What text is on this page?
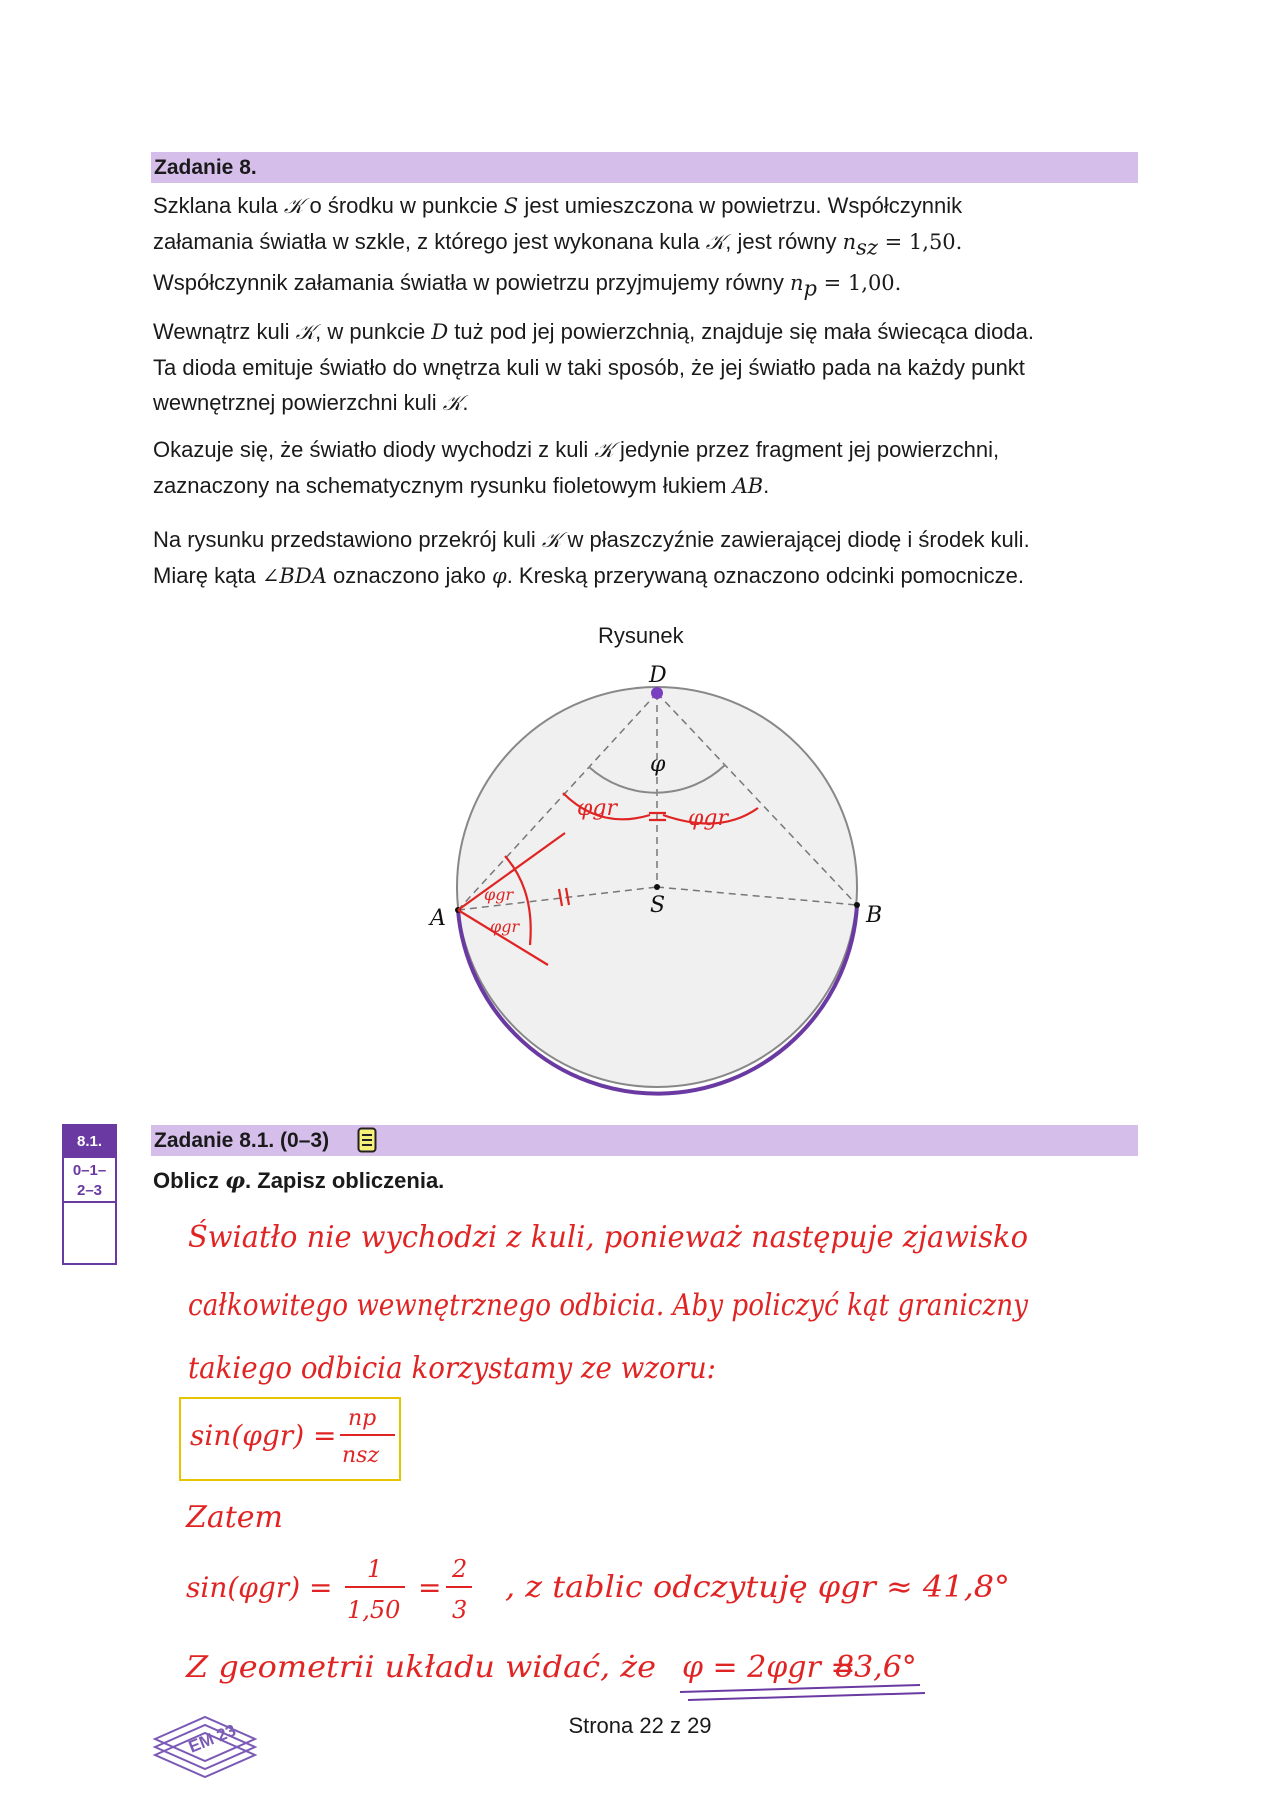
Zadanie 8.

Szklana kula 𝒦 o środku w punkcie S jest umieszczona w powietrzu. Współczynnik
załamania światła w szkle, z którego jest wykonana kula 𝒦, jest równy $n_{sz} = 1,50$.
Współczynnik załamania światła w powietrzu przyjmujemy równy $n_p = 1,00$.

Wewnątrz kuli 𝒦, w punkcie D tuż pod jej powierzchnią, znajduje się mała świecąca dioda.
Ta dioda emituje światło do wnętrza kuli w taki sposób, że jej światło pada na każdy punkt
wewnętrznej powierzchni kuli 𝒦.

Okazuje się, że światło diody wychodzi z kuli 𝒦 jedynie przez fragment jej powierzchni,
zaznaczony na schematycznym rysunku fioletowym łukiem AB.

Na rysunku przedstawiono przekrój kuli 𝒦 w płaszczyźnie zawierającej diodę i środek kuli.
Miarę kąta ∠BDA oznaczono jako φ. Kreską przerywaną oznaczono odcinki pomocnicze.

Rysunek
D
A	B
S
φ
φgr	φgr
φgr
φgr
8.1.
0–1–
2–3
Zadanie 8.1. (0–3)
Oblicz φ. Zapisz obliczenia.
Światło nie wychodzi z kuli, ponieważ następuje zjawisko
całkowitego wewnętrznego odbicia. Aby policzyć kąt graniczny
takiego odbicia korzystamy ze wzoru:
sin(φgr) =
np
nsz
Zatem
sin(φgr) =
1
1,50
=
2
3
, z tablic odczytuję φgr ≈ 41,8°
Z geometrii układu widać, że φ = 2φgr =
83,6°
EM 23	Strona 22 z 29
